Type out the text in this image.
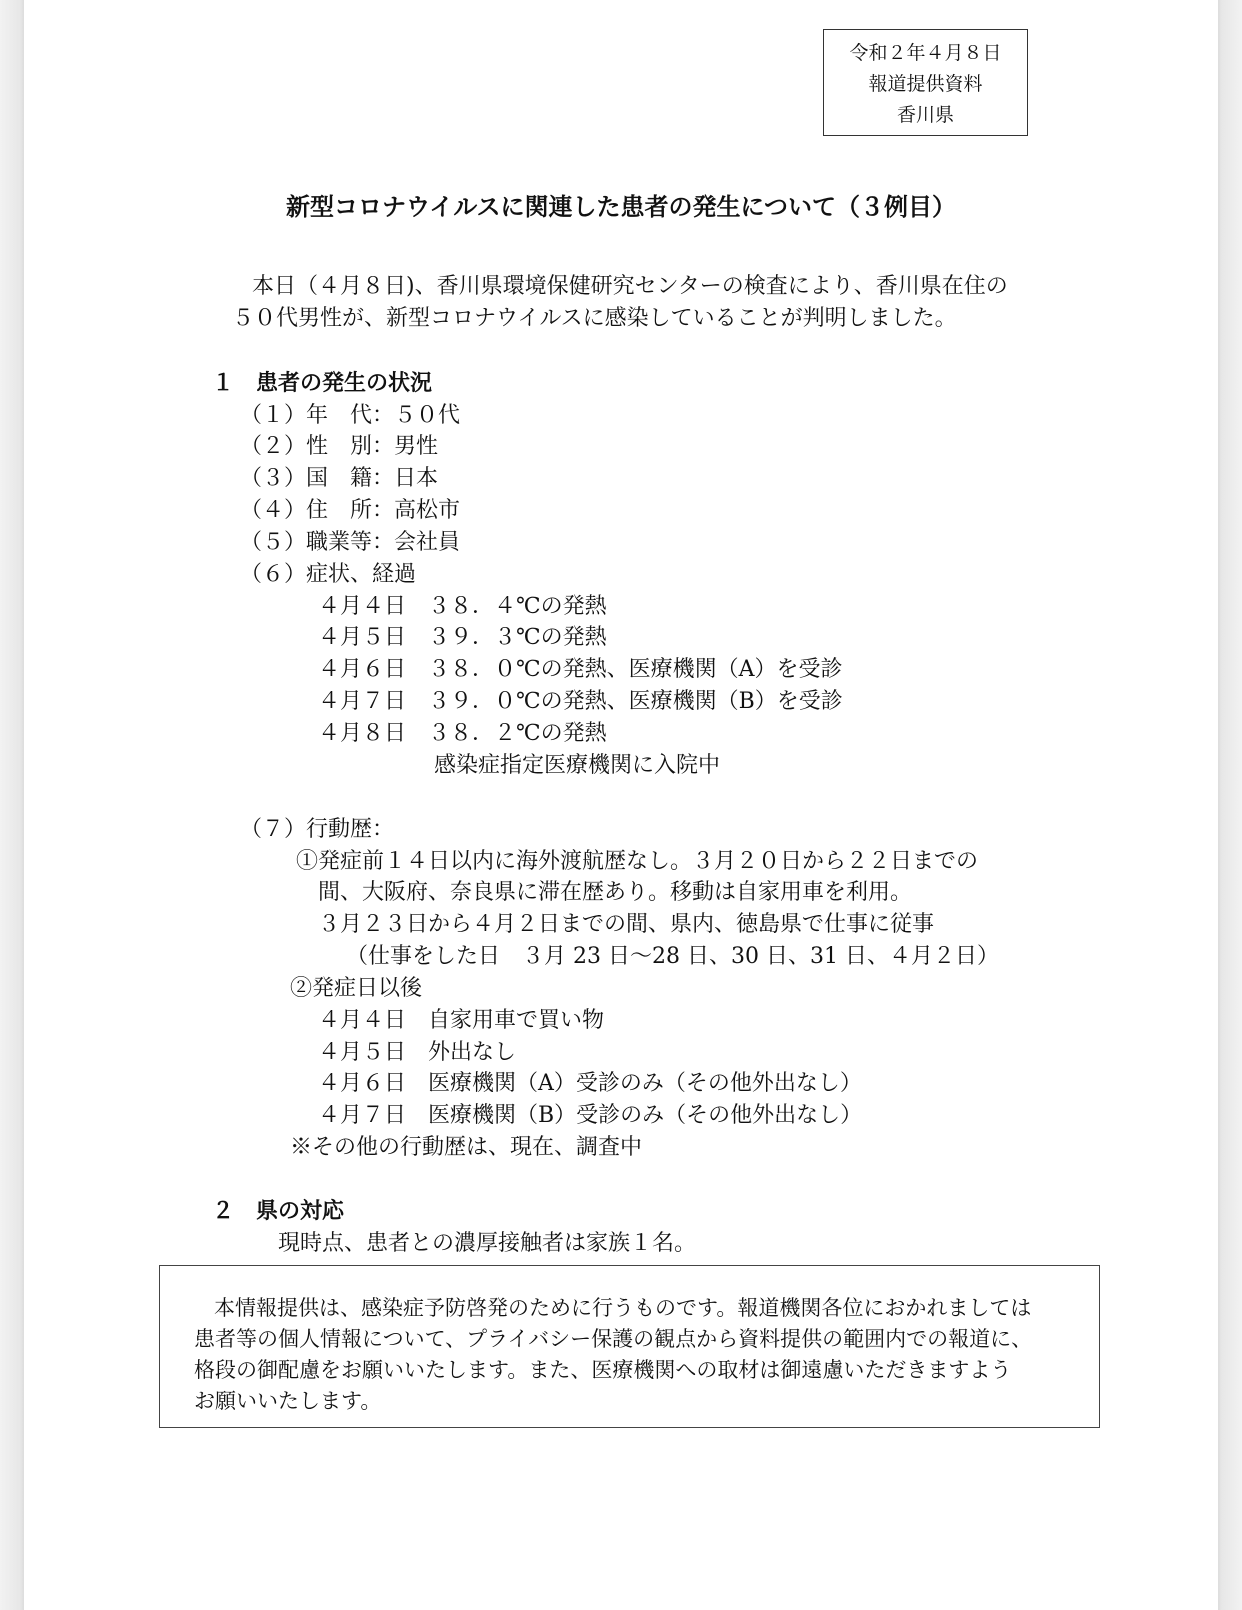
令和２年４月８日
報道提供資料
香川県
新型コロナウイルスに関連した患者の発生について（３例目）
本日（４月８日)、香川県環境保健研究センターの検査により、香川県在住の
５０代男性が、新型コロナウイルスに感染していることが判明しました。
１　患者の発生の状況
（１）年　代：５０代
（２）性　別：男性
（３）国　籍：日本
（４）住　所：高松市
（５）職業等：会社員
（６）症状、経過
４月４日　３８．４℃の発熱
４月５日　３９．３℃の発熱
４月６日　３８．０℃の発熱、医療機関（A）を受診
４月７日　３９．０℃の発熱、医療機関（B）を受診
４月８日　３８．２℃の発熱
感染症指定医療機関に入院中
（７）行動歴：
①発症前１４日以内に海外渡航歴なし。３月２０日から２２日までの
間、大阪府、奈良県に滞在歴あり。移動は自家用車を利用。
３月２３日から４月２日までの間、県内、徳島県で仕事に従事
（仕事をした日　３月 23 日～28 日、30 日、31 日、４月２日）
②発症日以後
４月４日　自家用車で買い物
４月５日　外出なし
４月６日　医療機関（A）受診のみ（その他外出なし）
４月７日　医療機関（B）受診のみ（その他外出なし）
※その他の行動歴は、現在、調査中
２　県の対応
現時点、患者との濃厚接触者は家族１名。
本情報提供は、感染症予防啓発のために行うものです。報道機関各位におかれましては
患者等の個人情報について、プライバシー保護の観点から資料提供の範囲内での報道に、
格段の御配慮をお願いいたします。また、医療機関への取材は御遠慮いただきますよう
お願いいたします。
